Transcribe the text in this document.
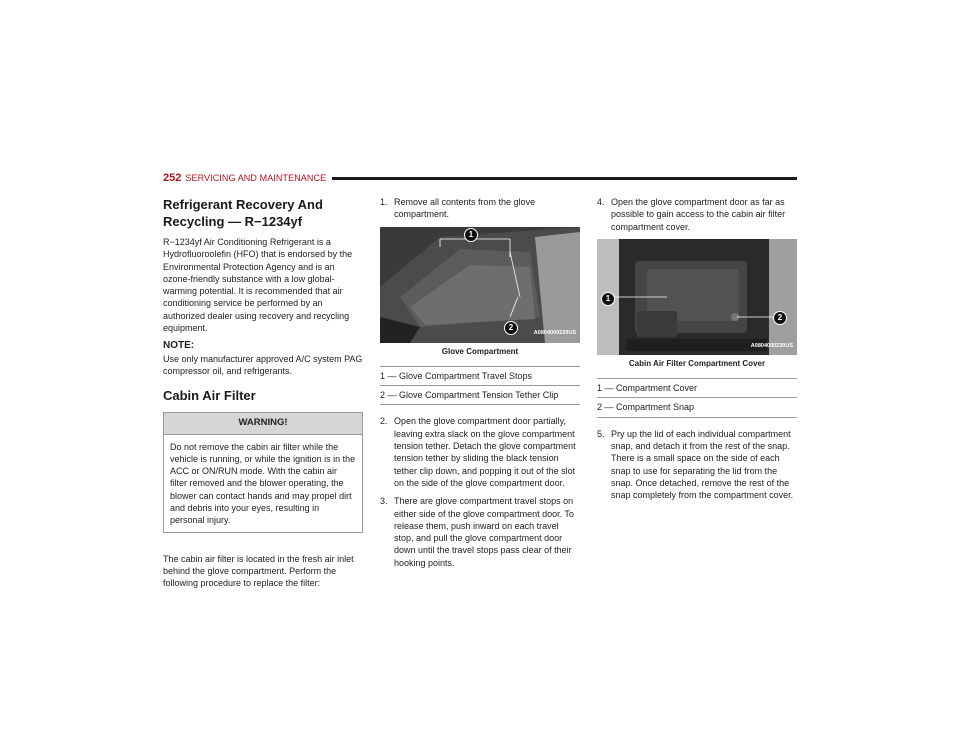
252 SERVICING AND MAINTENANCE
Refrigerant Recovery And Recycling — R−1234yf

R−1234yf Air Conditioning Refrigerant is a Hydrofluoroolefin (HFO) that is endorsed by the Environmental Protection Agency and is an ozone-friendly substance with a low global-warming potential. It is recommended that air conditioning service be performed by an authorized dealer using recovery and recycling equipment.

NOTE:

Use only manufacturer approved A/C system PAG compressor oil, and refrigerants.

Cabin Air Filter
WARNING!
Do not remove the cabin air filter while the vehicle is running, or while the ignition is in the ACC or ON/RUN mode. With the cabin air filter removed and the blower operating, the blower can contact hands and may propel dirt and debris into your eyes, resulting in personal injury.

The cabin air filter is located in the fresh air inlet behind the glove compartment. Perform the following procedure to replace the filter:

1. Remove all contents from the glove compartment.
1
2
A0804000229US
Glove Compartment
1 — Glove Compartment Travel Stops
2 — Glove Compartment Tension Tether Clip
2. Open the glove compartment door partially, leaving extra slack on the glove compartment tension tether. Detach the glove compartment tension tether by sliding the black tension tether clip down, and popping it out of the slot on the side of the glove compartment door.
3. There are glove compartment travel stops on either side of the glove compartment door. To release them, push inward on each travel stop, and pull the glove compartment door down until the travel stops pass clear of their hooking points.
4. Open the glove compartment door as far as possible to gain access to the cabin air filter compartment cover.
1
2
A0804000230US
Cabin Air Filter Compartment Cover
1 — Compartment Cover
2 — Compartment Snap
5. Pry up the lid of each individual compartment snap, and detach it from the rest of the snap. There is a small space on the side of each snap to use for separating the lid from the snap. Once detached, remove the rest of the snap completely from the compartment cover.
